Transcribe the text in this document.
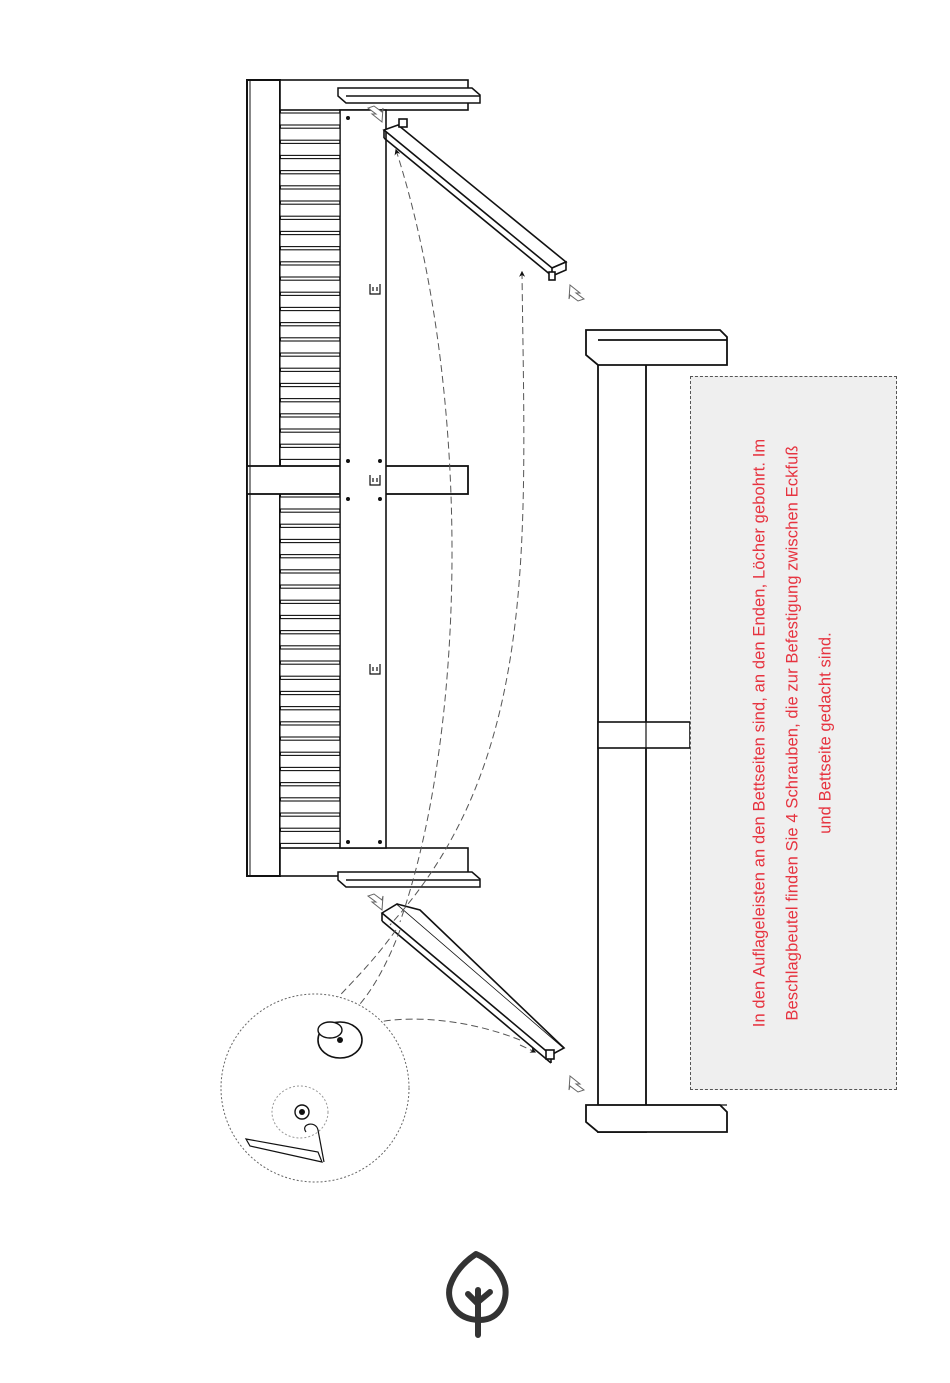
In den Auflageleisten an den Bettseiten sind, an den Enden, Löcher gebohrt. Im Beschlagbeutel finden Sie 4 Schrauben, die zur Befestigung zwischen Eckfuß und Bettseite gedacht sind.
